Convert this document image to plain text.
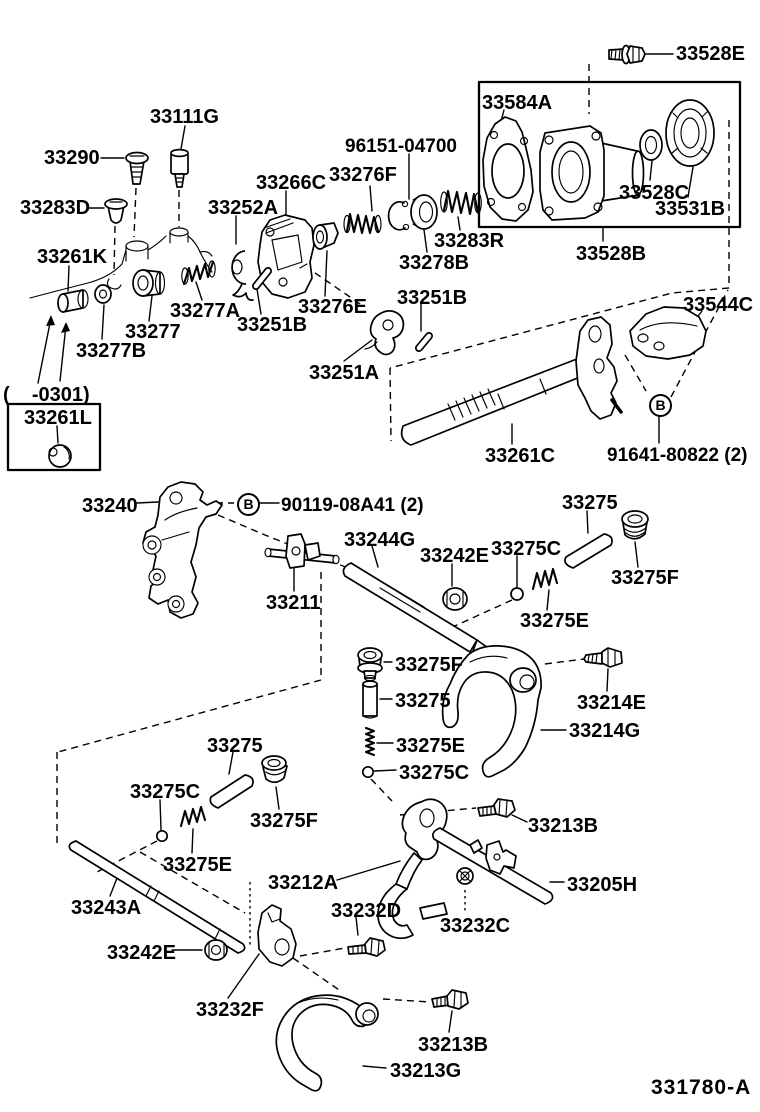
33528E
33584A
33111G
96151-04700
33290
33276F
33266C	33528C
33283D	33252A	33531B
33283R
33278B	33528B
33261K
33544C
33276E 33251B
33277A
33251B
33277
33277B
33251A
(    -0301)
33261L
33261C	91641-80822 (2)
33240	90119-08A41 (2)	33275
33244G
33242E 33275C
33275F
33211
33275E
33275F
33275	33214E
33214G
33275E
33275
33275C
33275C
33275F
33275E
33213B
33212A	33205H
33243A	33232D
33232C
33242E
33232F
33213B
33213G
B
B
331780-A
